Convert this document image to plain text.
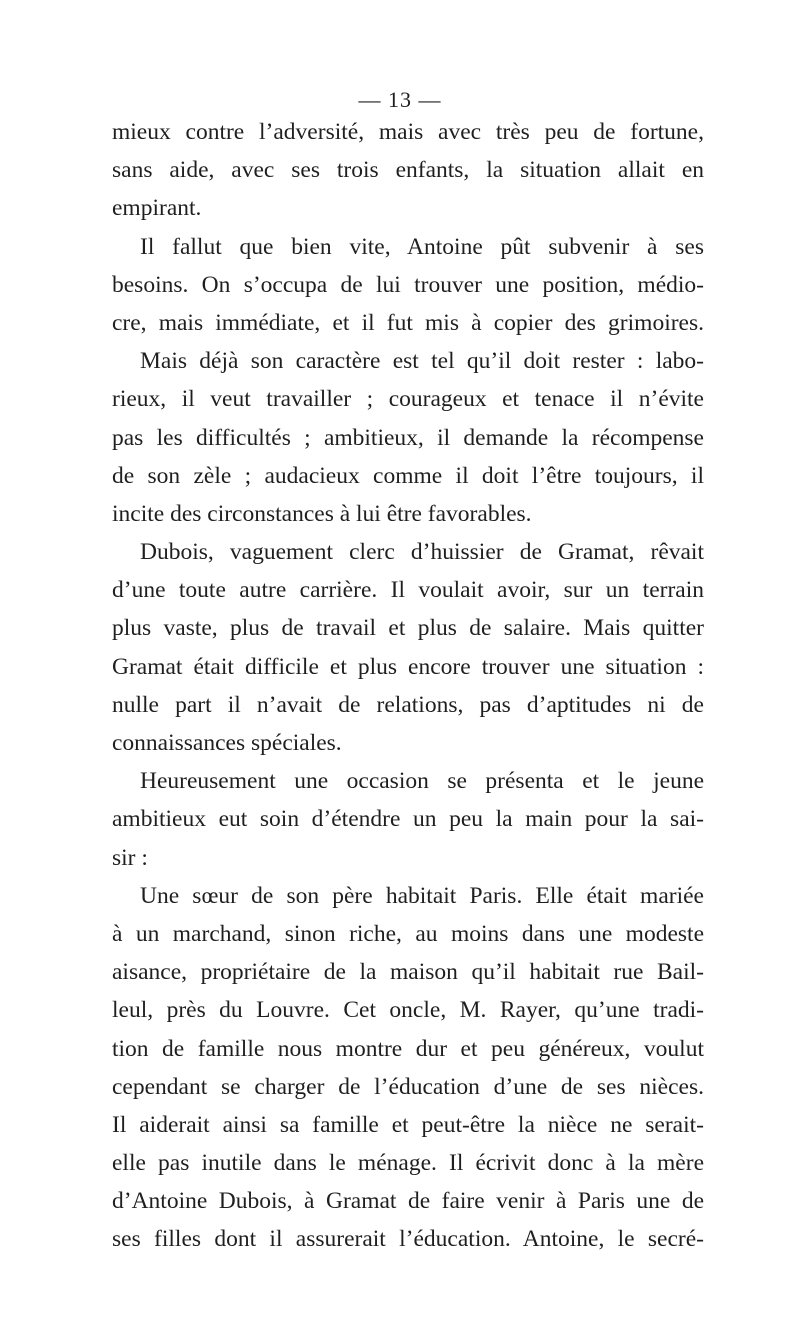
— 13 —
mieux contre l’adversité, mais avec très peu de fortune,
sans aide, avec ses trois enfants, la situation allait en
empirant.
Il fallut que bien vite, Antoine pût subvenir à ses
besoins. On s’occupa de lui trouver une position, médio-
cre, mais immédiate, et il fut mis à copier des grimoires.
Mais déjà son caractère est tel qu’il doit rester : labo-
rieux, il veut travailler ; courageux et tenace il n’évite
pas les difficultés ; ambitieux, il demande la récompense
de son zèle ; audacieux comme il doit l’être toujours, il
incite des circonstances à lui être favorables.
Dubois, vaguement clerc d’huissier de Gramat, rêvait
d’une toute autre carrière. Il voulait avoir, sur un terrain
plus vaste, plus de travail et plus de salaire. Mais quitter
Gramat était difficile et plus encore trouver une situation :
nulle part il n’avait de relations, pas d’aptitudes ni de
connaissances spéciales.
Heureusement une occasion se présenta et le jeune
ambitieux eut soin d’étendre un peu la main pour la sai-
sir :
Une sœur de son père habitait Paris. Elle était mariée
à un marchand, sinon riche, au moins dans une modeste
aisance, propriétaire de la maison qu’il habitait rue Bail-
leul, près du Louvre. Cet oncle, M. Rayer, qu’une tradi-
tion de famille nous montre dur et peu généreux, voulut
cependant se charger de l’éducation d’une de ses nièces.
Il aiderait ainsi sa famille et peut-être la nièce ne serait-
elle pas inutile dans le ménage. Il écrivit donc à la mère
d’Antoine Dubois, à Gramat de faire venir à Paris une de
ses filles dont il assurerait l’éducation. Antoine, le secré-
